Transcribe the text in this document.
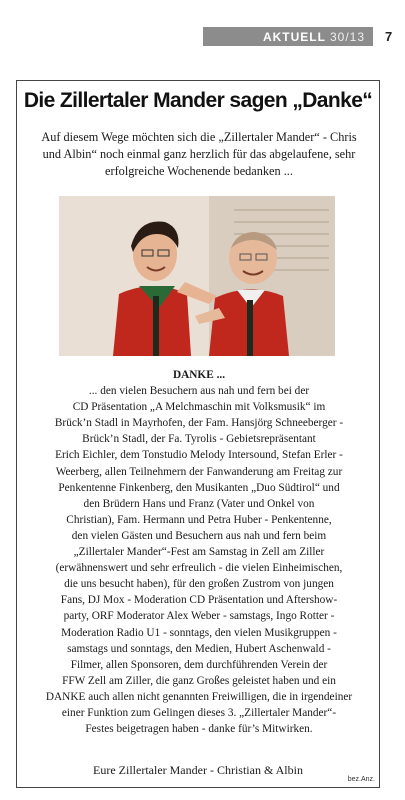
AKTUELL 30/13 7
Die Zillertaler Mander sagen „Danke“
Auf diesem Wege möchten sich die „Zillertaler Mander“ - Chris und Albin“ noch einmal ganz herzlich für das abgelaufene, sehr erfolgreiche Wochenende bedanken ...
DANKE ...
... den vielen Besuchern aus nah und fern bei der
CD Präsentation „A Melchmaschin mit Volksmusik“ im
Brück’n Stadl in Mayrhofen, der Fam. Hansjörg Schneeberger -
Brück’n Stadl, der Fa. Tyrolis - Gebietsrepräsentant
Erich Eichler, dem Tonstudio Melody Intersound, Stefan Erler -
Weerberg, allen Teilnehmern der Fanwanderung am Freitag zur
Penkentenne Finkenberg, den Musikanten „Duo Südtirol“ und
den Brüdern Hans und Franz (Vater und Onkel von
Christian), Fam. Hermann und Petra Huber - Penkentenne,
den vielen Gästen und Besuchern aus nah und fern beim
„Zillertaler Mander“-Fest am Samstag in Zell am Ziller
(erwähnenswert und sehr erfreulich - die vielen Einheimischen,
die uns besucht haben), für den großen Zustrom von jungen
Fans, DJ Mox - Moderation CD Präsentation und Aftershow-
party, ORF Moderator Alex Weber - samstags, Ingo Rotter -
Moderation Radio U1 - sonntags, den vielen Musikgruppen -
samstags und sonntags, den Medien, Hubert Aschenwald -
Filmer, allen Sponsoren, dem durchführenden Verein der
FFW Zell am Ziller, die ganz Großes geleistet haben und ein
DANKE auch allen nicht genannten Freiwilligen, die in irgendeiner
einer Funktion zum Gelingen dieses 3. „Zillertaler Mander“-
Festes beigetragen haben - danke für’s Mitwirken.
Eure Zillertaler Mander - Christian & Albin
bez.Anz.
